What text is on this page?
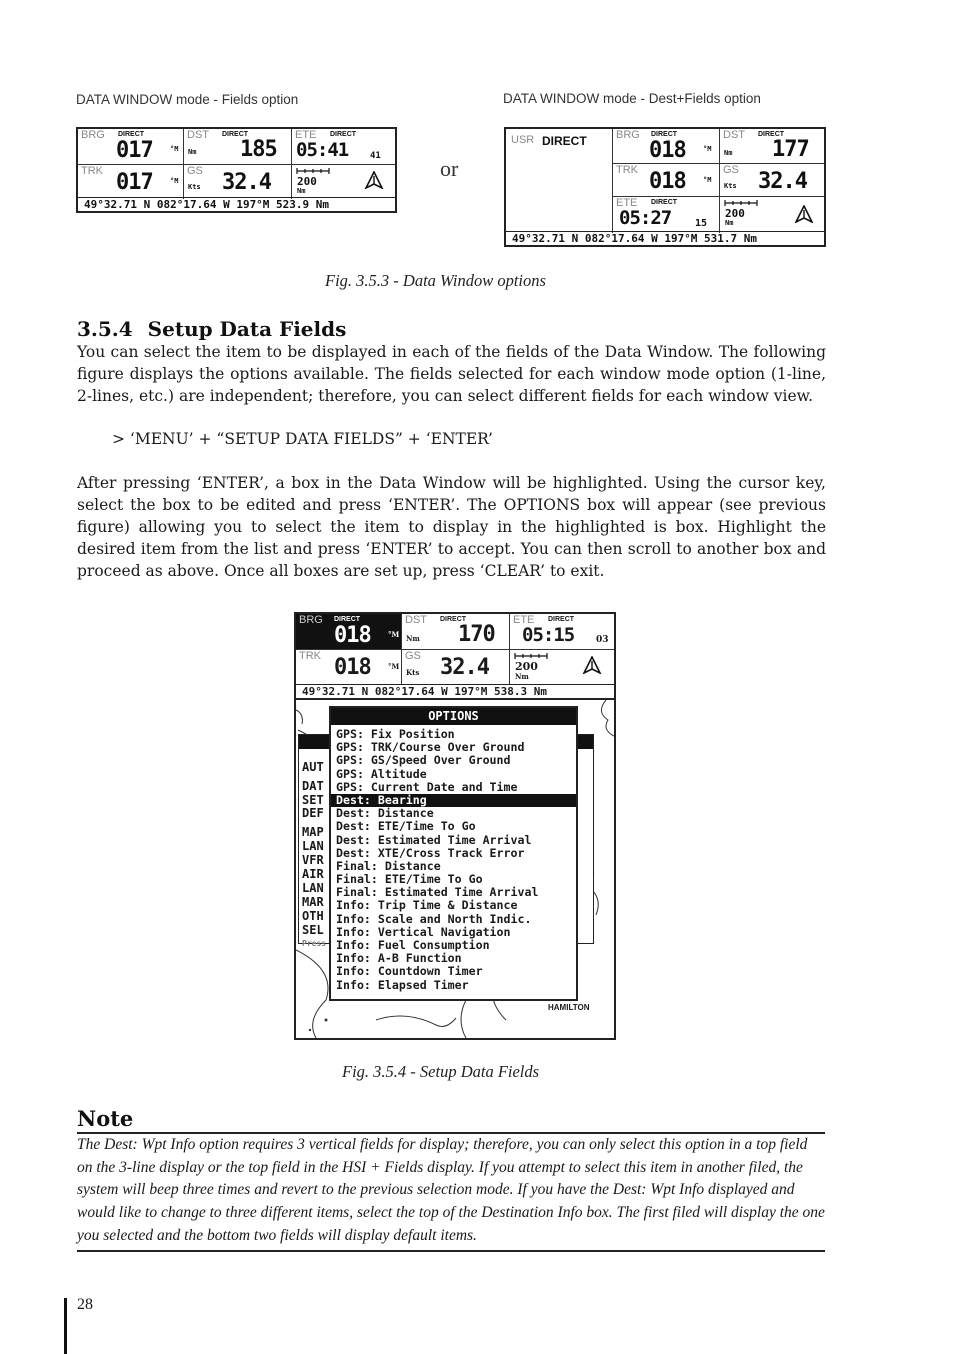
DATA WINDOW mode - Fields option	DATA WINDOW mode - Dest+Fields option
BRG DIRECT
017 °M
DST DIRECT
Nm 185
ETE DIRECT
05:41 41
TRK 017 °M
GS
Kts 32.4 200
Nm
49°32.71 N 082°17.64 W 197°M 523.9 Nm
or
USR DIRECT	BRG DIRECT
018 °M
DST DIRECT
Nm 177
TRK 018 °M
GS
Kts 32.4
ETE DIRECT
05:27 15
200
Nm
49°32.71 N 082°17.64 W 197°M 531.7 Nm
Fig. 3.5.3 - Data Window options
3.5.4 Setup Data Fields
You can select the item to be displayed in each of the fields of the Data Window. The following figure displays the options available. The fields selected for each window mode option (1-line, 2-lines, etc.) are independent; therefore, you can select different fields for each window view.
> ‘MENU’ + “SETUP DATA FIELDS” + ‘ENTER’
After pressing ‘ENTER’, a box in the Data Window will be highlighted. Using the cursor key, select the box to be edited and press ‘ENTER’. The OPTIONS box will appear (see previous figure) allowing you to select the item to display in the highlighted is box. Highlight the desired item from the list and press ‘ENTER’ to accept. You can then scroll to another box and proceed as above. Once all boxes are set up, press ‘CLEAR’ to exit.
BRG DIRECT
018 °M
DST DIRECT
Nm 170
ETE DIRECT
05:15 03
TRK 018 °M
GS
Kts 32.4 200
Nm
49°32.71 N 082°17.64 W 197°M 538.3 Nm
HAMILTON
AUT
DAT
SET
DEF
MAP
LAN
VFR
AIR
LAN
MAR
OTH
SEL
Press
OPTIONS
GPS: Fix Position
GPS: TRK/Course Over Ground
GPS: GS/Speed Over Ground
GPS: Altitude
GPS: Current Date and Time
Dest: Bearing
Dest: Distance
Dest: ETE/Time To Go
Dest: Estimated Time Arrival
Dest: XTE/Cross Track Error
Final: Distance
Final: ETE/Time To Go
Final: Estimated Time Arrival
Info: Trip Time & Distance
Info: Scale and North Indic.
Info: Vertical Navigation
Info: Fuel Consumption
Info: A-B Function
Info: Countdown Timer
Info: Elapsed Timer
Fig. 3.5.4 - Setup Data Fields
Note
The Dest: Wpt Info option requires 3 vertical fields for display; therefore, you can only select this option in a top field on the 3-line display or the top field in the HSI + Fields display. If you attempt to select this item in another filed, the system will beep three times and revert to the previous selection mode. If you have the Dest: Wpt Info displayed and would like to change to three different items, select the top of the Destination Info box. The first filed will display the one you selected and the bottom two fields will display default items.
28
